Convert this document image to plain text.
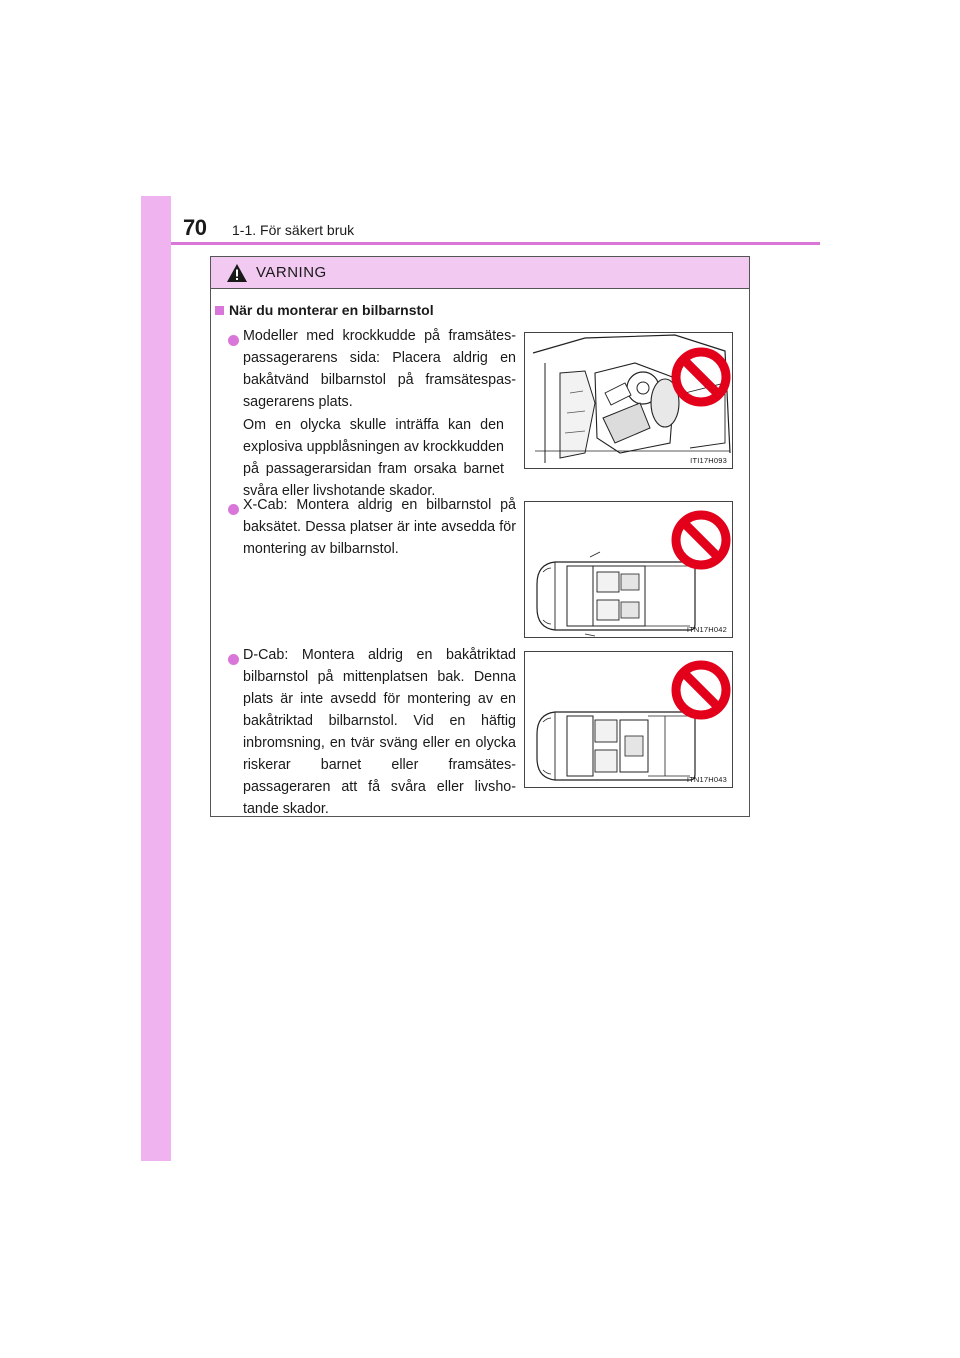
70 1-1. För säkert bruk
VARNING
När du monterar en bilbarnstol
Modeller med krockkudde på framsätes-passagerarens sida: Placera aldrig en bakåtvänd bilbarnstol på framsätespas-sagerarens plats.
Om en olycka skulle inträffa kan den explosiva uppblåsningen av krockkudden på passagerarsidan fram orsaka barnet svåra eller livshotande skador.
ITI17H093
X-Cab: Montera aldrig en bilbarnstol på baksätet. Dessa platser är inte avsedda för montering av bilbarnstol.
ITN17H042
D-Cab: Montera aldrig en bakåtriktad bilbarnstol på mittenplatsen bak. Denna plats är inte avsedd för montering av en bakåtriktad bilbarnstol. Vid en häftig inbromsning, en tvär sväng eller en olycka riskerar barnet eller framsätes-passageraren att få svåra eller livsho-tande skador.
ITN17H043
